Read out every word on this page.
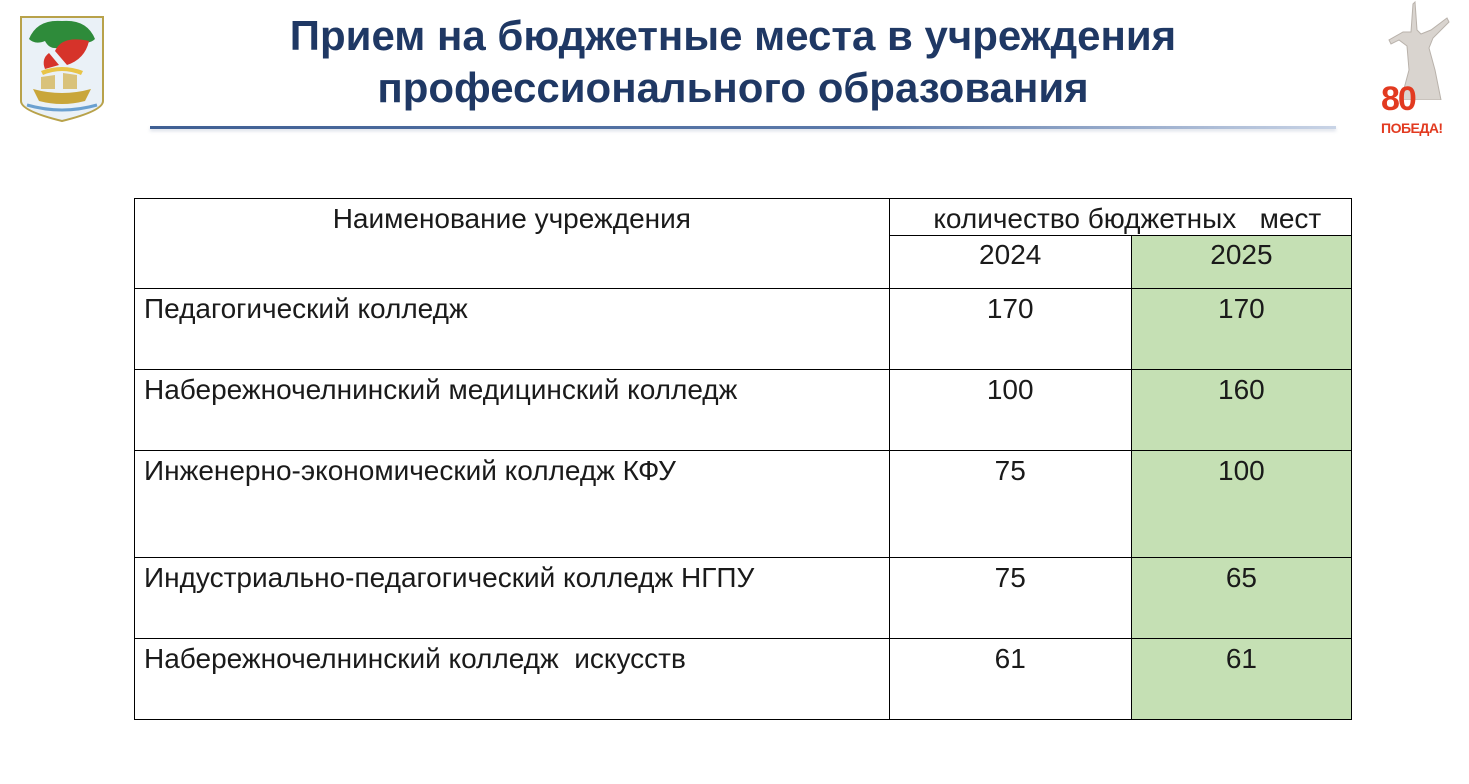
Прием на бюджетные места в учреждения
профессионального образования	80
ПОБЕДА!
Наименование учреждения	количество бюджетных   мест	
	2024	2025
Педагогический колледж	170	170
Набережночелнинский медицинский колледж	100	160
Инженерно-экономический колледж КФУ	75	100
Индустриально-педагогический колледж НГПУ	75	65
Набережночелнинский колледж  искусств	61	61
